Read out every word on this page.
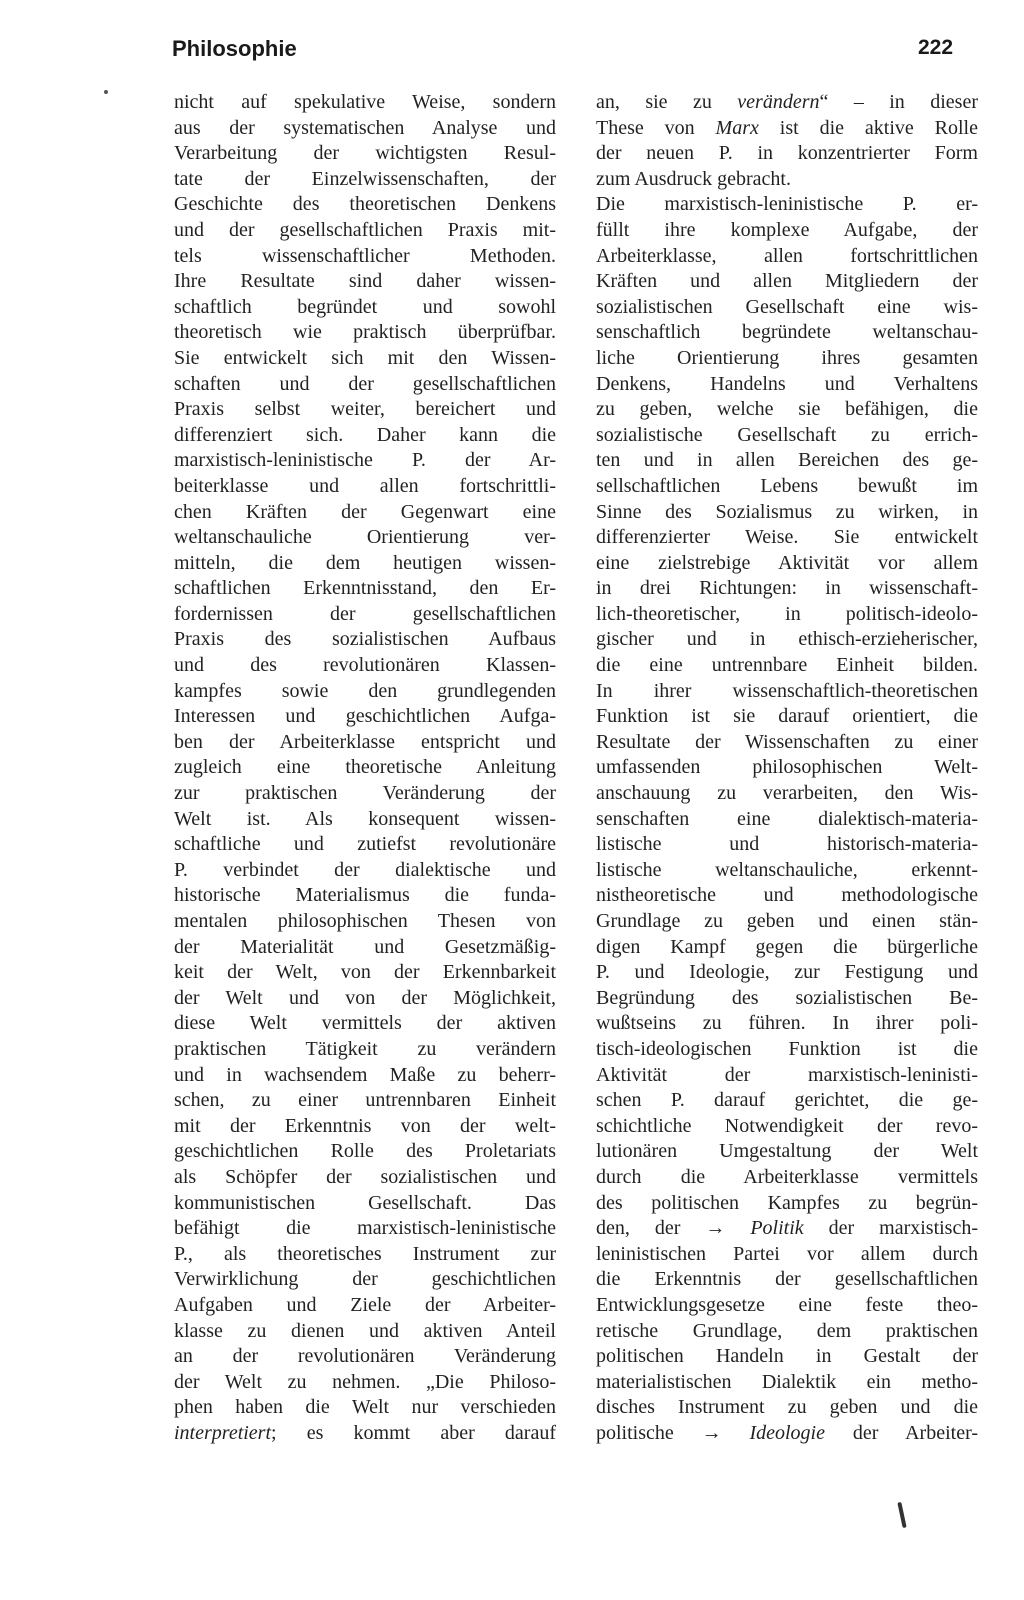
Philosophie	222
nicht auf spekulative Weise, sondern
aus der systematischen Analyse und
Verarbeitung der wichtigsten Resul-
tate der Einzelwissenschaften, der
Geschichte des theoretischen Denkens
und der gesellschaftlichen Praxis mit-
tels wissenschaftlicher Methoden.
Ihre Resultate sind daher wissen-
schaftlich begründet und sowohl
theoretisch wie praktisch überprüfbar.
Sie entwickelt sich mit den Wissen-
schaften und der gesellschaftlichen
Praxis selbst weiter, bereichert und
differenziert sich. Daher kann die
marxistisch-leninistische P. der Ar-
beiterklasse und allen fortschrittli-
chen Kräften der Gegenwart eine
weltanschauliche Orientierung ver-
mitteln, die dem heutigen wissen-
schaftlichen Erkenntnisstand, den Er-
fordernissen der gesellschaftlichen
Praxis des sozialistischen Aufbaus
und des revolutionären Klassen-
kampfes sowie den grundlegenden
Interessen und geschichtlichen Aufga-
ben der Arbeiterklasse entspricht und
zugleich eine theoretische Anleitung
zur praktischen Veränderung der
Welt ist. Als konsequent wissen-
schaftliche und zutiefst revolutionäre
P. verbindet der dialektische und
historische Materialismus die funda-
mentalen philosophischen Thesen von
der Materialität und Gesetzmäßig-
keit der Welt, von der Erkennbarkeit
der Welt und von der Möglichkeit,
diese Welt vermittels der aktiven
praktischen Tätigkeit zu verändern
und in wachsendem Maße zu beherr-
schen, zu einer untrennbaren Einheit
mit der Erkenntnis von der welt-
geschichtlichen Rolle des Proletariats
als Schöpfer der sozialistischen und
kommunistischen Gesellschaft. Das
befähigt die marxistisch-leninistische
P., als theoretisches Instrument zur
Verwirklichung der geschichtlichen
Aufgaben und Ziele der Arbeiter-
klasse zu dienen und aktiven Anteil
an der revolutionären Veränderung
der Welt zu nehmen. „Die Philoso-
phen haben die Welt nur verschieden
interpretiert; es kommt aber darauf
an, sie zu verändern“ – in dieser
These von Marx ist die aktive Rolle
der neuen P. in konzentrierter Form
zum Ausdruck gebracht.
Die marxistisch-leninistische P. er-
füllt ihre komplexe Aufgabe, der
Arbeiterklasse, allen fortschrittlichen
Kräften und allen Mitgliedern der
sozialistischen Gesellschaft eine wis-
senschaftlich begründete weltanschau-
liche Orientierung ihres gesamten
Denkens, Handelns und Verhaltens
zu geben, welche sie befähigen, die
sozialistische Gesellschaft zu errich-
ten und in allen Bereichen des ge-
sellschaftlichen Lebens bewußt im
Sinne des Sozialismus zu wirken, in
differenzierter Weise. Sie entwickelt
eine zielstrebige Aktivität vor allem
in drei Richtungen: in wissenschaft-
lich-theoretischer, in politisch-ideolo-
gischer und in ethisch-erzieherischer,
die eine untrennbare Einheit bilden.
In ihrer wissenschaftlich-theoretischen
Funktion ist sie darauf orientiert, die
Resultate der Wissenschaften zu einer
umfassenden philosophischen Welt-
anschauung zu verarbeiten, den Wis-
senschaften eine dialektisch-materia-
listische und historisch-materia-
listische weltanschauliche, erkennt-
nistheoretische und methodologische
Grundlage zu geben und einen stän-
digen Kampf gegen die bürgerliche
P. und Ideologie, zur Festigung und
Begründung des sozialistischen Be-
wußtseins zu führen. In ihrer poli-
tisch-ideologischen Funktion ist die
Aktivität der marxistisch-leninisti-
schen P. darauf gerichtet, die ge-
schichtliche Notwendigkeit der revo-
lutionären Umgestaltung der Welt
durch die Arbeiterklasse vermittels
des politischen Kampfes zu begrün-
den, der → Politik der marxistisch-
leninistischen Partei vor allem durch
die Erkenntnis der gesellschaftlichen
Entwicklungsgesetze eine feste theo-
retische Grundlage, dem praktischen
politischen Handeln in Gestalt der
materialistischen Dialektik ein metho-
disches Instrument zu geben und die
politische → Ideologie der Arbeiter-
